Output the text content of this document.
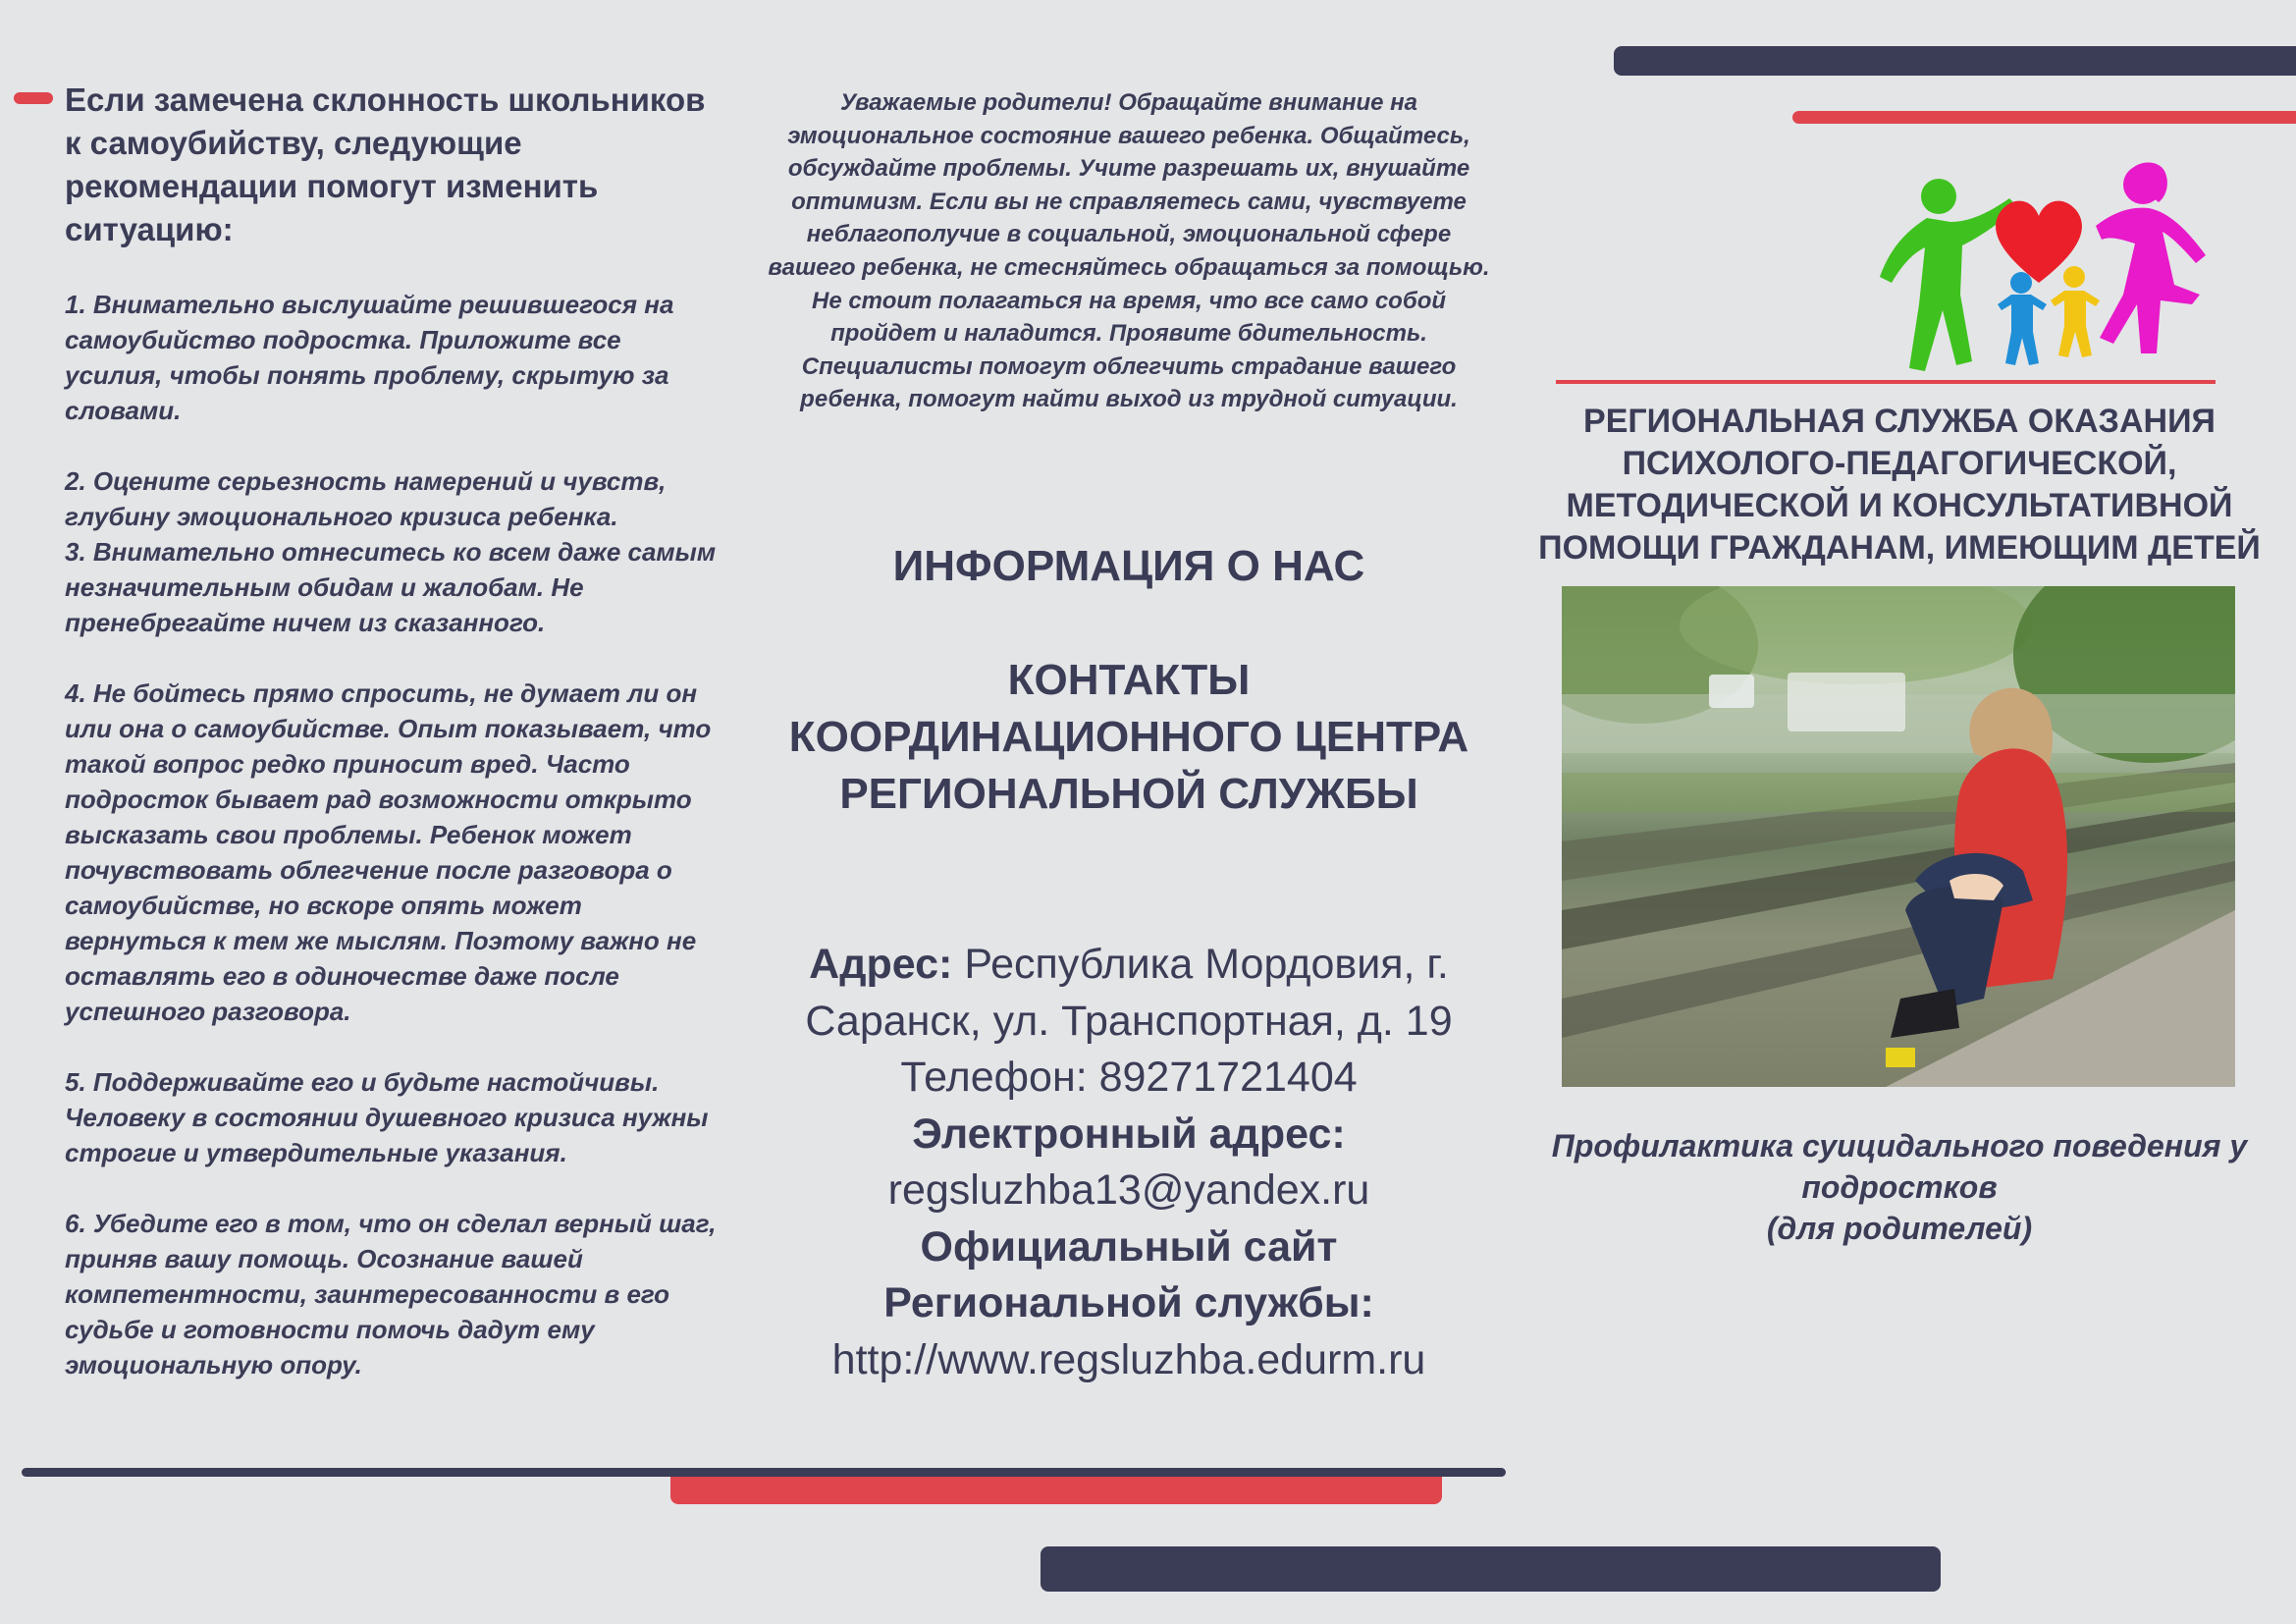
Если замечена склонность школьников к самоубийству, следующие рекомендации помогут изменить ситуацию:

1. Внимательно выслушайте решившегося на самоубийство подростка. Приложите все усилия, чтобы понять проблему, скрытую за словами.

2. Оцените серьезность намерений и чувств, глубину эмоционального кризиса ребенка.

3. Внимательно отнеситесь ко всем даже самым незначительным обидам и жалобам. Не пренебрегайте ничем из сказанного.

4. Не бойтесь прямо спросить, не думает ли он или она о самоубийстве. Опыт показывает, что такой вопрос редко приносит вред. Часто подросток бывает рад возможности открыто высказать свои проблемы. Ребенок может почувствовать облегчение после разговора о самоубийстве, но вскоре опять может вернуться к тем же мыслям. Поэтому важно не оставлять его в одиночестве даже после успешного разговора.

5. Поддерживайте его и будьте настойчивы. Человеку в состоянии душевного кризиса нужны строгие и утвердительные указания.

6. Убедите его в том, что он сделал верный шаг, приняв вашу помощь. Осознание вашей компетентности, заинтересованности в его судьбе и готовности помочь дадут ему эмоциональную опору.

Уважаемые родители! Обращайте внимание на эмоциональное состояние вашего ребенка. Общайтесь, обсуждайте проблемы. Учите разрешать их, внушайте оптимизм. Если вы не справляетесь сами, чувствуете неблагополучие в социальной, эмоциональной сфере вашего ребенка, не стесняйтесь обращаться за помощью. Не стоит полагаться на время, что все само собой пройдет и наладится. Проявите бдительность. Специалисты помогут облегчить страдание вашего ребенка, помогут найти выход из трудной ситуации.

ИНФОРМАЦИЯ О НАС

КОНТАКТЫ КООРДИНАЦИОННОГО ЦЕНТРА РЕГИОНАЛЬНОЙ СЛУЖБЫ

Адрес: Республика Мордовия, г. Саранск, ул. Транспортная, д. 19 Телефон: 89271721404
Электронный адрес:
regsluzhba13@yandex.ru
Официальный сайт Региональной службы:
http://www.regsluzhba.edurm.ru

РЕГИОНАЛЬНАЯ СЛУЖБА ОКАЗАНИЯ ПСИХОЛОГО-ПЕДАГОГИЧЕСКОЙ, МЕТОДИЧЕСКОЙ И КОНСУЛЬТАТИВНОЙ ПОМОЩИ ГРАЖДАНАМ, ИМЕЮЩИМ ДЕТЕЙ

Профилактика суицидального поведения у подростков
(для родителей)
